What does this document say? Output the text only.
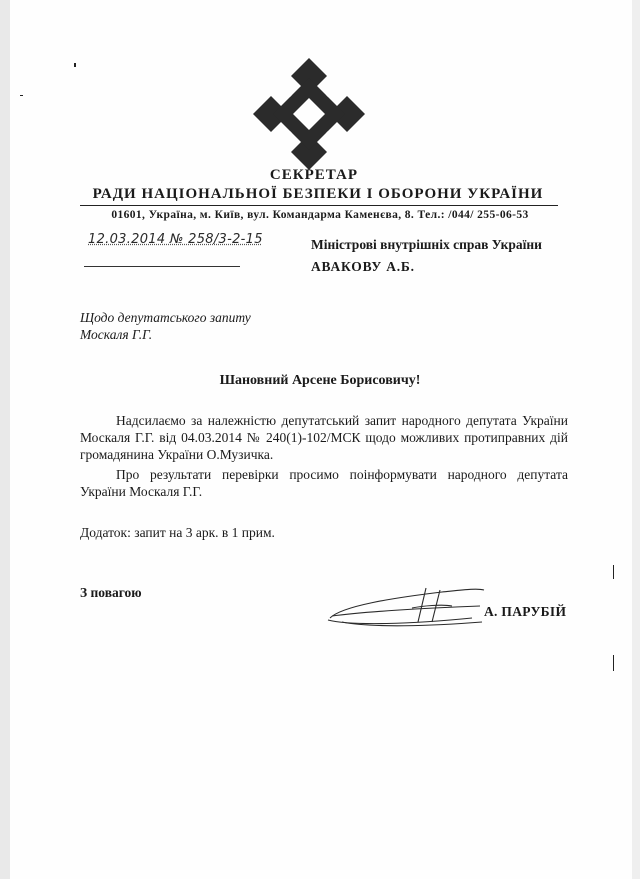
СЕКРЕТАР
РАДИ НАЦІОНАЛЬНОЇ БЕЗПЕКИ І ОБОРОНИ УКРАЇНИ
01601, Україна, м. Київ, вул. Командарма Каменєва, 8. Тел.: /044/ 255-06-53
12.03.2014 № 258/3-2-15	Міністрові внутрішніх справ України
АВАКОВУ А.Б.
Щодо депутатського запиту
Москаля Г.Г.
Шановний Арсене Борисовичу!
Надсилаємо за належністю депутатський запит народного депутата України Москаля Г.Г. від 04.03.2014 № 240(1)-102/МСК щодо можливих протиправних дій громадянина України О.Музичка.
Про результати перевірки просимо поінформувати народного депутата України Москаля Г.Г.
Додаток: запит на 3 арк. в 1 прим.
З повагою
А. ПАРУБІЙ
